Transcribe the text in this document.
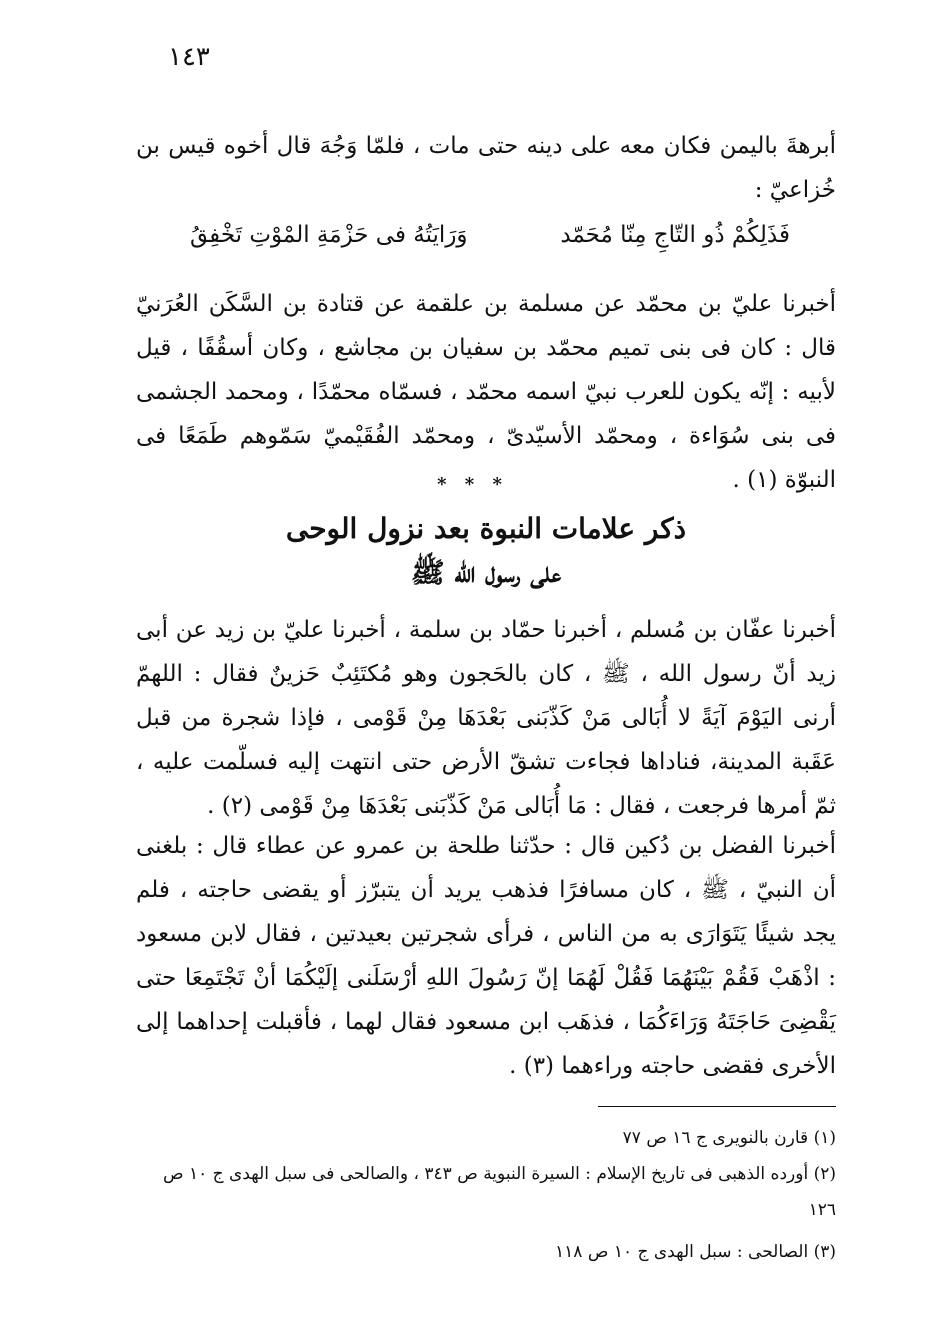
١٤٣

أبرهةَ باليمن فكان معه على دينه حتى مات ، فلمّا وَجُهَ قال أخوه قيس بن خُزاعيّ :

فَذَلِكُمْ ذُو التّاجِ مِنّا مُحَمّد
وَرَايَتُهُ فى حَزْمَةِ المْوْتِ تَخْفِقُ

أخبرنا عليّ بن محمّد عن مسلمة بن علقمة عن قتادة بن السَّكَن العُرَنيّ قال : كان فى بنى تميم محمّد بن سفيان بن مجاشع ، وكان أسقُفًا ، قيل لأبيه : إنّه يكون للعرب نبيّ اسمه محمّد ، فسمّاه محمّدًا ، ومحمد الجشمى فى بنى سُوَاءة ، ومحمّد الأسيّدىّ ، ومحمّد الفُقَيْميّ سَمّوهم طَمَعًا فى النبوّة (١) .

* * *
ذكر علامات النبوة بعد نزول الوحى
على رسول الله ﷺ

أخبرنا عفّان بن مُسلم ، أخبرنا حمّاد بن سلمة ، أخبرنا عليّ بن زيد عن أبى زيد أنّ رسول الله ، ﷺ ، كان بالحَجون وهو مُكتَئِبٌ حَزينٌ فقال : اللهمّ أرنى اليَوْمَ آيَةً لا أُبَالى مَنْ كَذّبَنى بَعْدَهَا مِنْ قَوْمى ، فإذا شجرة من قبل عَقَبة المدينة، فناداها فجاءت تشقّ الأرض حتى انتهت إليه فسلّمت عليه ، ثمّ أمرها فرجعت ، فقال : مَا أُبَالى مَنْ كَذّبَنى بَعْدَهَا مِنْ قَوْمى (٢) .

أخبرنا الفضل بن دُكين قال : حدّثنا طلحة بن عمرو عن عطاء قال : بلغنى أن النبيّ ، ﷺ ، كان مسافرًا فذهب يريد أن يتبرّز أو يقضى حاجته ، فلم يجد شيئًا يَتَوَارَى به من الناس ، فرأى شجرتين بعيدتين ، فقال لابن مسعود : اذْهَبْ فَقُمْ بَيْنَهُمَا فَقُلْ لَهُمَا إنّ رَسُولَ اللهِ أرْسَلَنى إلَيْكُمَا أنْ تَجْتَمِعَا حتى يَقْضِىَ حَاجَتَهُ وَرَاءَكُمَا ، فذهَب ابن مسعود فقال لهما ، فأقبلت إحداهما إلى الأخرى فقضى حاجته وراءهما (٣) .

(١) قارن بالنويرى ج ١٦ ص ٧٧
(٢) أورده الذهبى فى تاريخ الإسلام : السيرة النبوية ص ٣٤٣ ، والصالحى فى سبل الهدى ج ١٠ ص ١٢٦
(٣) الصالحى : سبل الهدى ج ١٠ ص ١١٨
